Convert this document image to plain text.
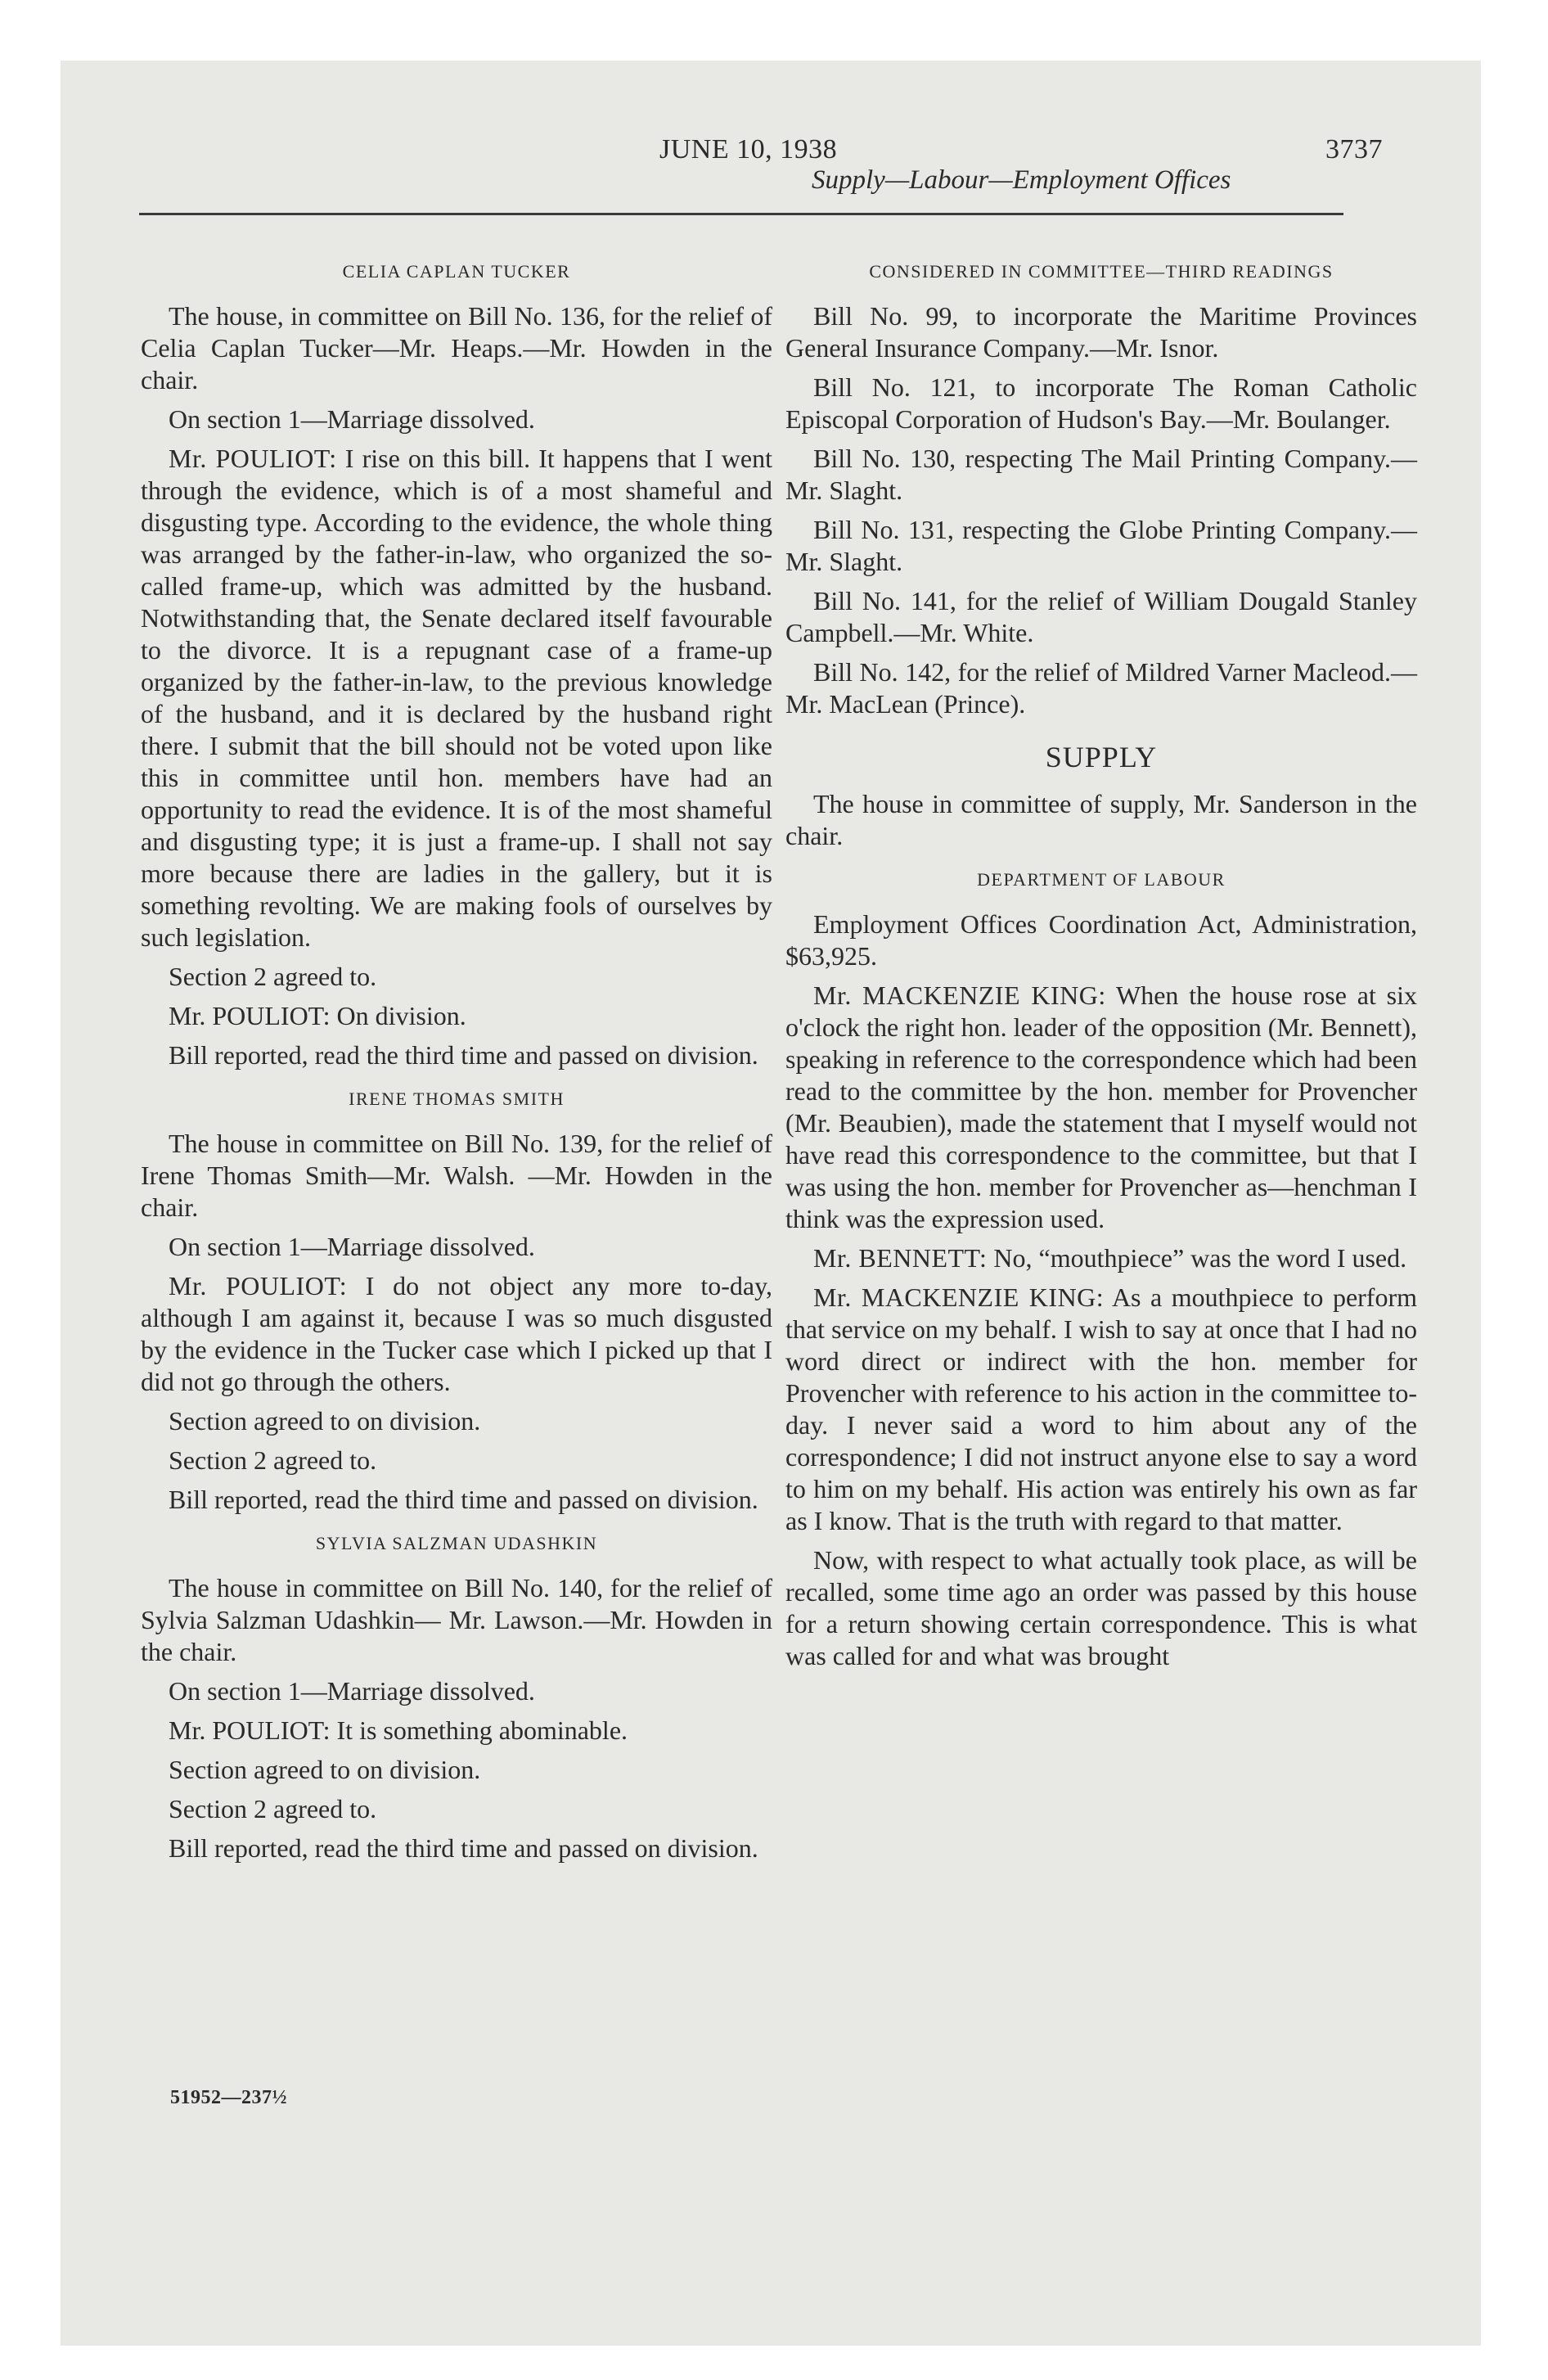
JUNE 10, 1938	3737
Supply—Labour—Employment Offices
CELIA CAPLAN TUCKER

The house, in committee on Bill No. 136, for the relief of Celia Caplan Tucker—Mr. Heaps.—Mr. Howden in the chair.

On section 1—Marriage dissolved.

Mr. POULIOT: I rise on this bill. It happens that I went through the evidence, which is of a most shameful and disgusting type. According to the evidence, the whole thing was arranged by the father-in-law, who organized the so-called frame-up, which was admitted by the husband. Notwithstanding that, the Senate declared itself favourable to the divorce. It is a repugnant case of a frame-up organized by the father-in-law, to the previous knowledge of the husband, and it is declared by the husband right there. I submit that the bill should not be voted upon like this in committee until hon. members have had an opportunity to read the evidence. It is of the most shameful and disgusting type; it is just a frame-up. I shall not say more because there are ladies in the gallery, but it is something revolting. We are making fools of ourselves by such legislation.

Section 2 agreed to.

Mr. POULIOT: On division.

Bill reported, read the third time and passed on division.

IRENE THOMAS SMITH

The house in committee on Bill No. 139, for the relief of Irene Thomas Smith—Mr. Walsh. —Mr. Howden in the chair.

On section 1—Marriage dissolved.

Mr. POULIOT: I do not object any more to-day, although I am against it, because I was so much disgusted by the evidence in the Tucker case which I picked up that I did not go through the others.

Section agreed to on division.

Section 2 agreed to.

Bill reported, read the third time and passed on division.

SYLVIA SALZMAN UDASHKIN

The house in committee on Bill No. 140, for the relief of Sylvia Salzman Udashkin— Mr. Lawson.—Mr. Howden in the chair.

On section 1—Marriage dissolved.

Mr. POULIOT: It is something abominable.

Section agreed to on division.

Section 2 agreed to.

Bill reported, read the third time and passed on division.

CONSIDERED IN COMMITTEE—THIRD READINGS

Bill No. 99, to incorporate the Maritime Provinces General Insurance Company.—Mr. Isnor.

Bill No. 121, to incorporate The Roman Catholic Episcopal Corporation of Hudson's Bay.—Mr. Boulanger.

Bill No. 130, respecting The Mail Printing Company.—Mr. Slaght.

Bill No. 131, respecting the Globe Printing Company.—Mr. Slaght.

Bill No. 141, for the relief of William Dougald Stanley Campbell.—Mr. White.

Bill No. 142, for the relief of Mildred Varner Macleod.—Mr. MacLean (Prince).

SUPPLY

The house in committee of supply, Mr. Sanderson in the chair.

DEPARTMENT OF LABOUR

Employment Offices Coordination Act, Administration, $63,925.

Mr. MACKENZIE KING: When the house rose at six o'clock the right hon. leader of the opposition (Mr. Bennett), speaking in reference to the correspondence which had been read to the committee by the hon. member for Provencher (Mr. Beaubien), made the statement that I myself would not have read this correspondence to the committee, but that I was using the hon. member for Provencher as—henchman I think was the expression used.

Mr. BENNETT: No, “mouthpiece” was the word I used.

Mr. MACKENZIE KING: As a mouthpiece to perform that service on my behalf. I wish to say at once that I had no word direct or indirect with the hon. member for Provencher with reference to his action in the committee to-day. I never said a word to him about any of the correspondence; I did not instruct anyone else to say a word to him on my behalf. His action was entirely his own as far as I know. That is the truth with regard to that matter.

Now, with respect to what actually took place, as will be recalled, some time ago an order was passed by this house for a return showing certain correspondence. This is what was called for and what was brought

51952—237½
